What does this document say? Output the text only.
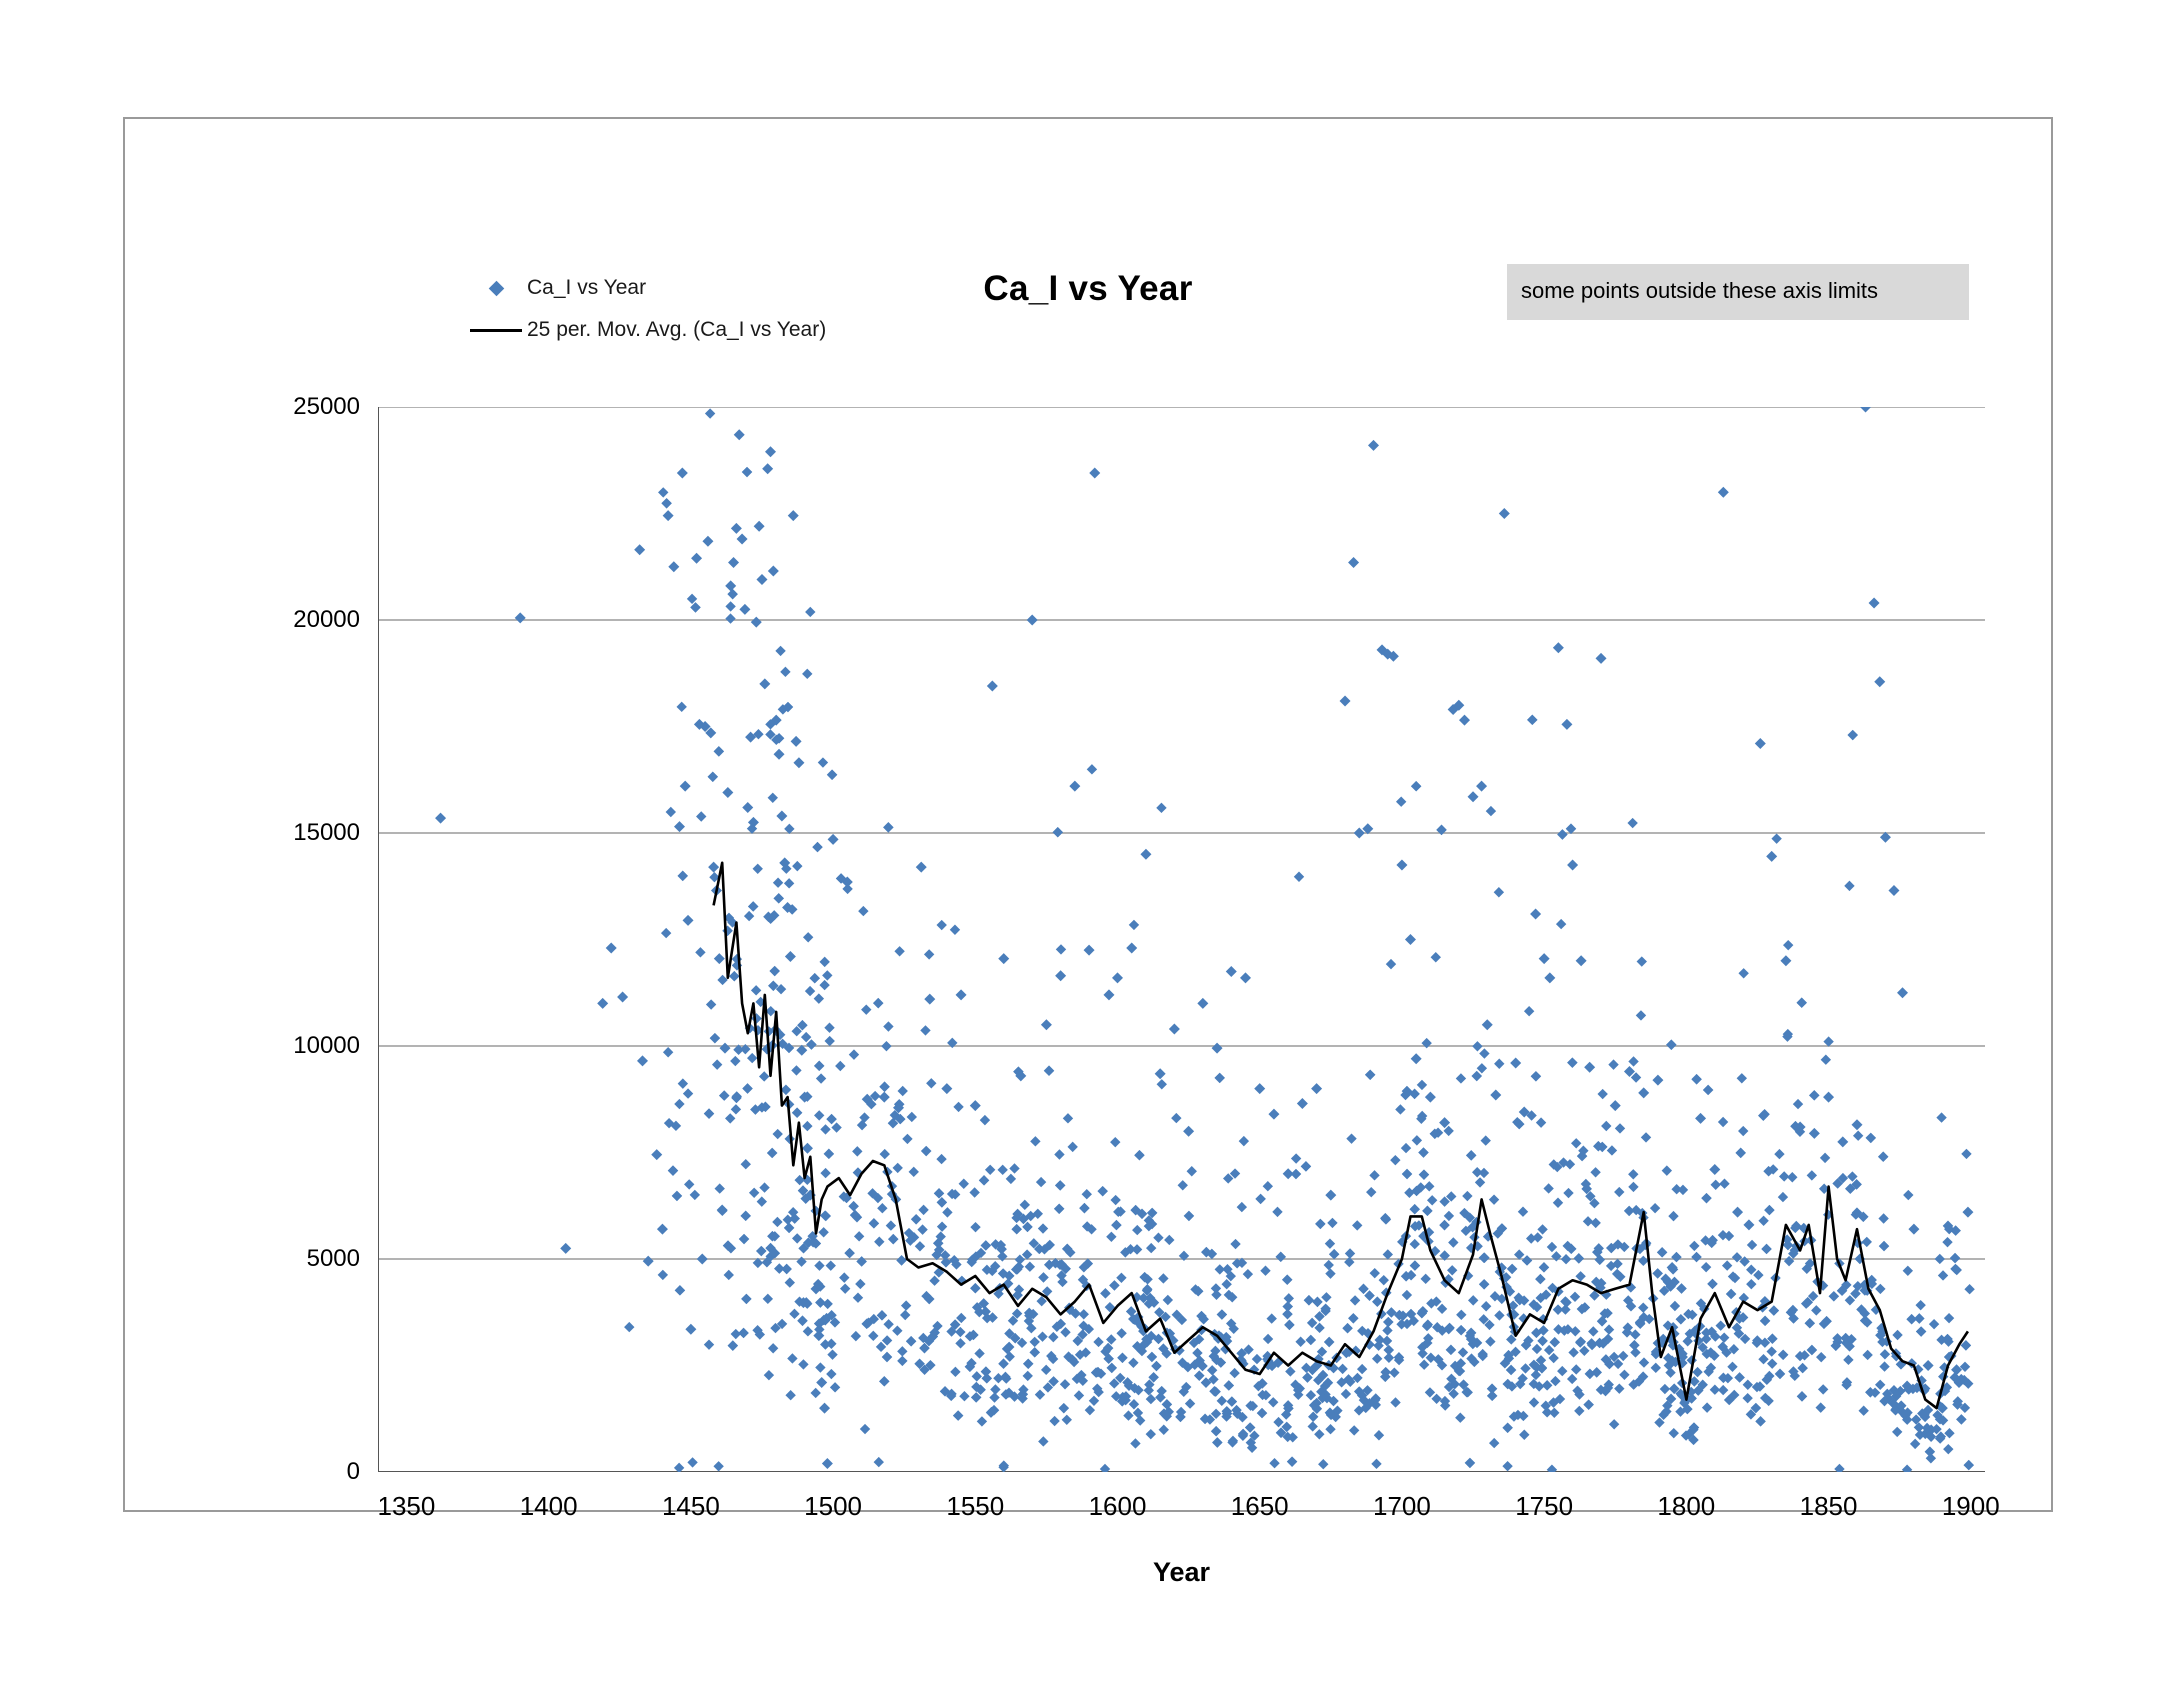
Ca_I vs Year
Ca_I vs Year
25 per. Mov. Avg. (Ca_I vs Year)
some points outside these axis limits
0
5000
10000
15000
20000
25000
1350	1400	1450	1500	1550	1600	1650	1700	1750	1800	1850	1900
Year
